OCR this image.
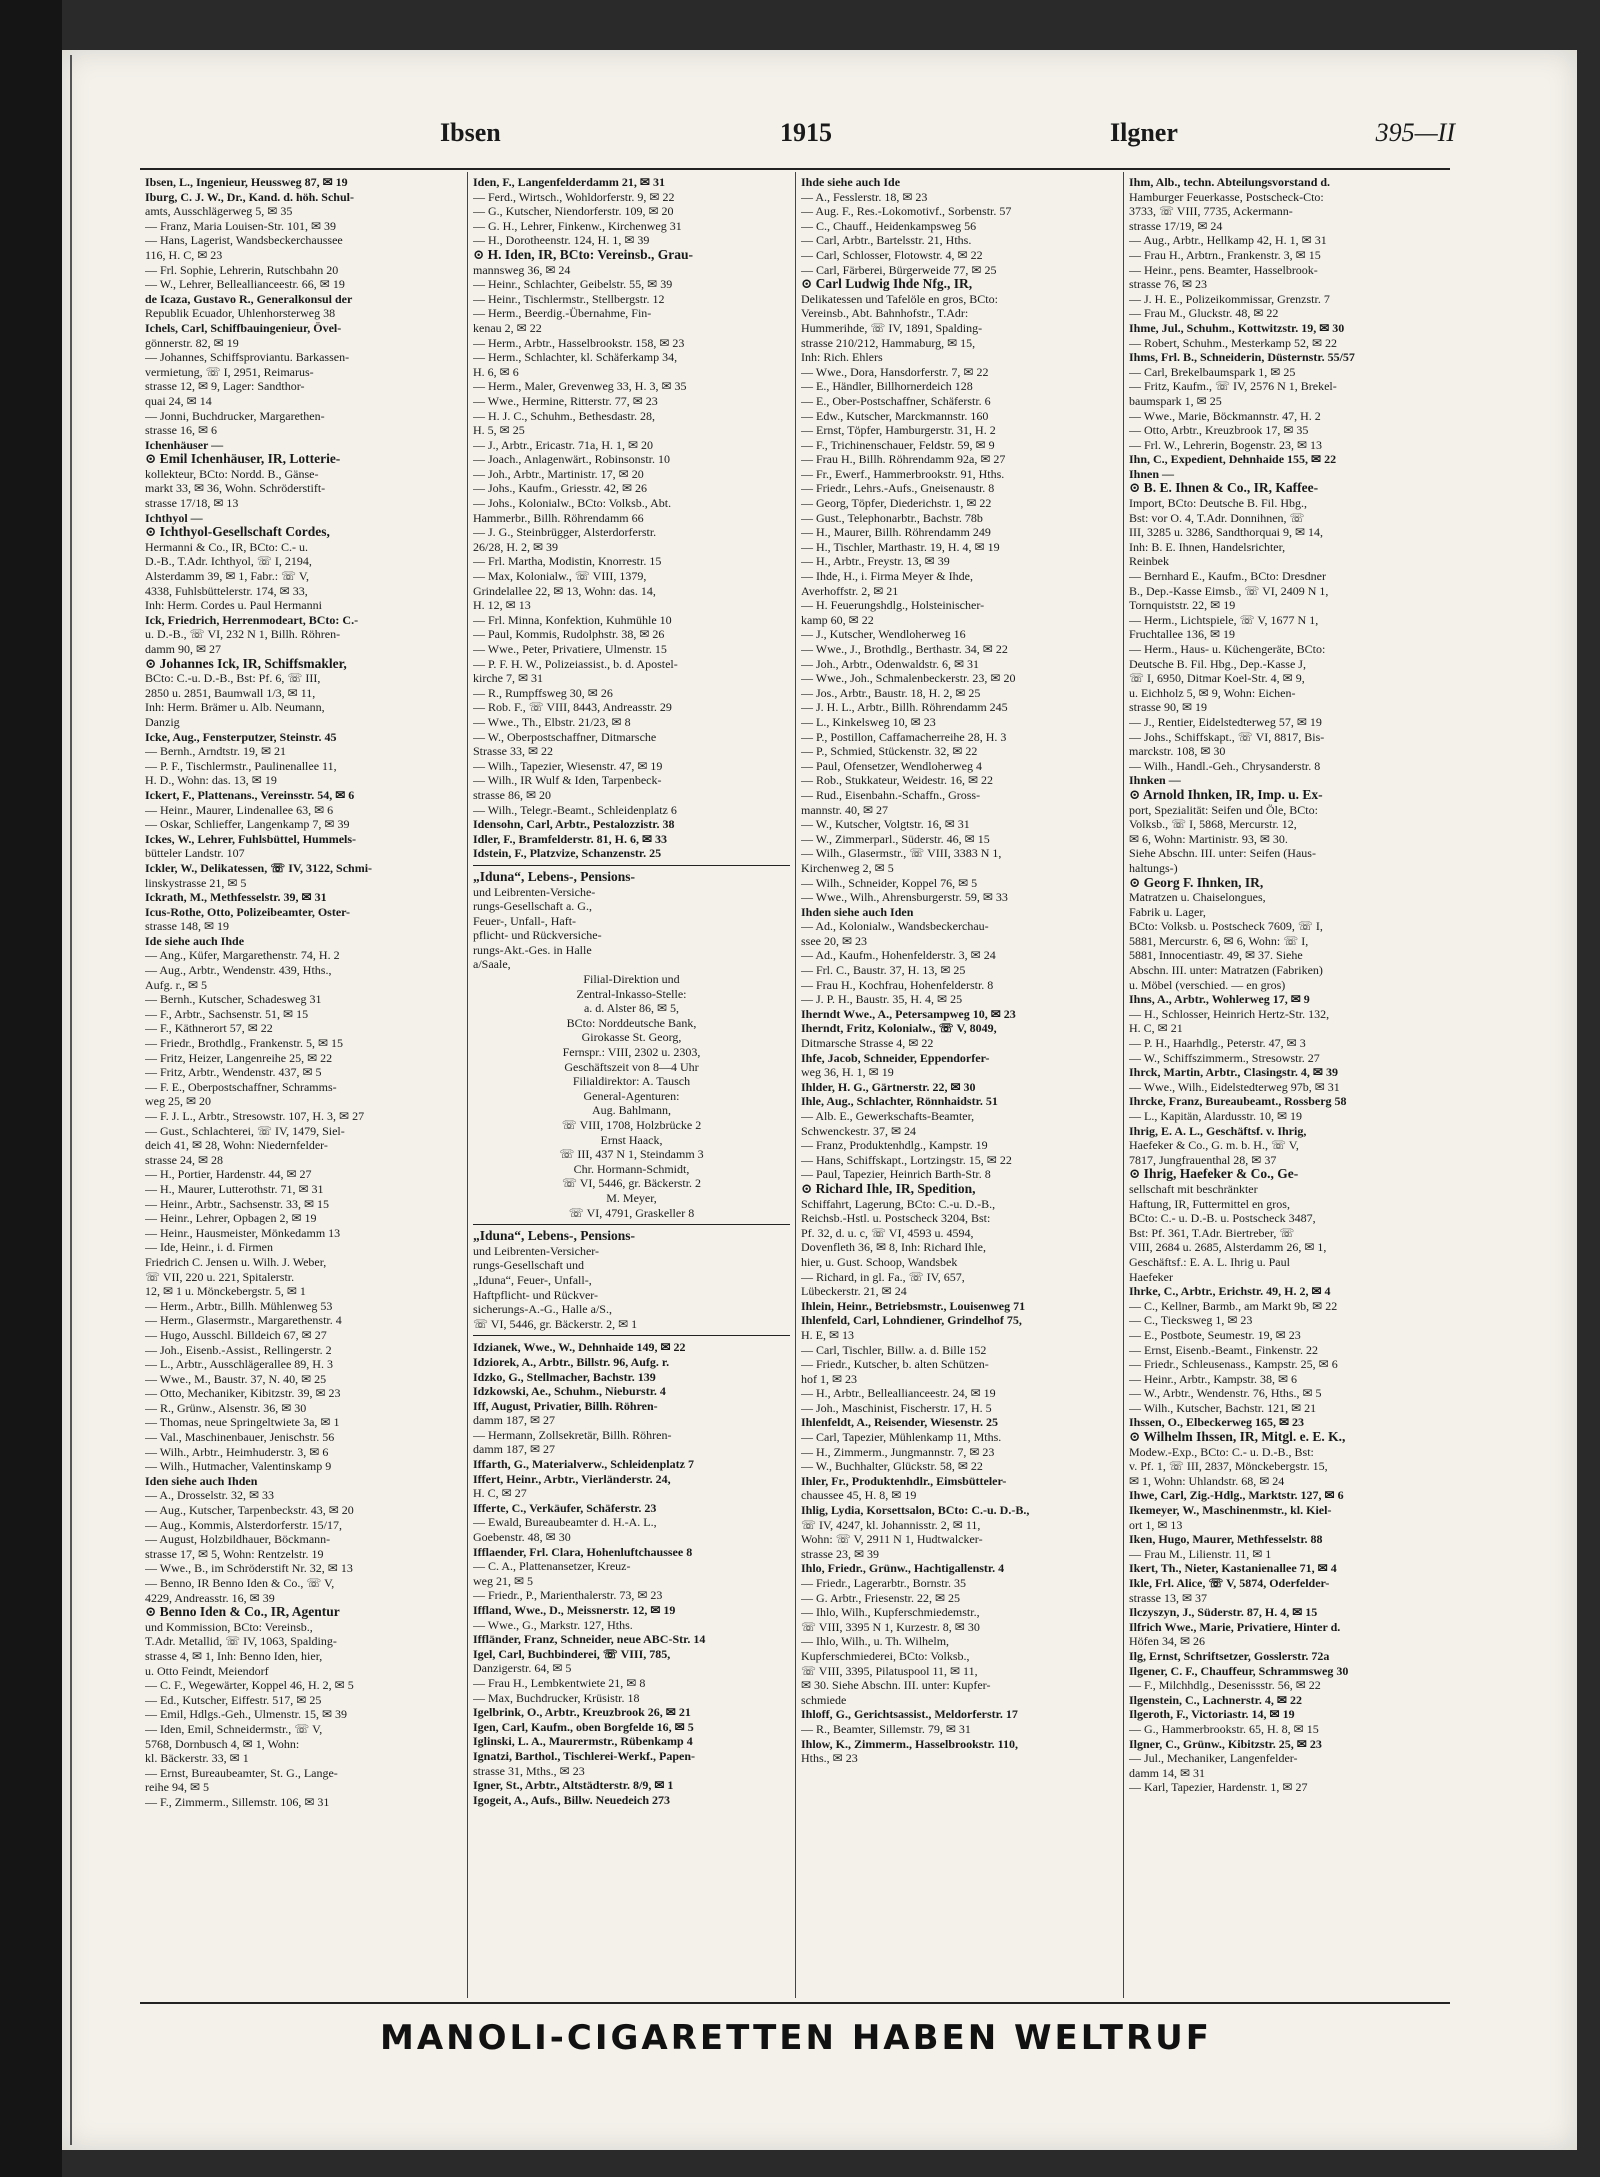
Ibsen	1915	Ilgner	395—II
Ibsen, L., Ingenieur, Heussweg 87, ✉ 19
Iburg, C. J. W., Dr., Kand. d. höh. Schul-
amts, Ausschlägerweg 5, ✉ 35
— Franz, Maria Louisen-Str. 101, ✉ 39
— Hans, Lagerist, Wandsbeckerchaussee
116, H. C, ✉ 23
— Frl. Sophie, Lehrerin, Rutschbahn 20
— W., Lehrer, Belleallianceestr. 66, ✉ 19
de Icaza, Gustavo R., Generalkonsul der
Republik Ecuador, Uhlenhorsterweg 38
Ichels, Carl, Schiffbauingenieur, Övel-
gönnerstr. 82, ✉ 19
— Johannes, Schiffsproviantu. Barkassen-
vermietung, ☏ I, 2951, Reimarus-
strasse 12, ✉ 9, Lager: Sandthor-
quai 24, ✉ 14
— Jonni, Buchdrucker, Margarethen-
strasse 16, ✉ 6
Ichenhäuser —
⊙ Emil Ichenhäuser, IR, Lotterie-
kollekteur, BCto: Nordd. B., Gänse-
markt 33, ✉ 36, Wohn. Schröderstift-
strasse 17/18, ✉ 13
Ichthyol —
⊙ Ichthyol-Gesellschaft Cordes,
Hermanni & Co., IR, BCto: C.- u.
D.-B., T.Adr. Ichthyol, ☏ I, 2194,
Alsterdamm 39, ✉ 1, Fabr.: ☏ V,
4338, Fuhlsbüttelerstr. 174, ✉ 33,
Inh: Herm. Cordes u. Paul Hermanni
Ick, Friedrich, Herrenmodeart, BCto: C.-
u. D.-B., ☏ VI, 232 N 1, Billh. Röhren-
damm 90, ✉ 27
⊙ Johannes Ick, IR, Schiffsmakler,
BCto: C.-u. D.-B., Bst: Pf. 6, ☏ III,
2850 u. 2851, Baumwall 1/3, ✉ 11,
Inh: Herm. Brämer u. Alb. Neumann,
Danzig
Icke, Aug., Fensterputzer, Steinstr. 45
— Bernh., Arndtstr. 19, ✉ 21
— P. F., Tischlermstr., Paulinenallee 11,
H. D., Wohn: das. 13, ✉ 19
Ickert, F., Plattenans., Vereinsstr. 54, ✉ 6
— Heinr., Maurer, Lindenallee 63, ✉ 6
— Oskar, Schlieffer, Langenkamp 7, ✉ 39
Ickes, W., Lehrer, Fuhlsbüttel, Hummels-
bütteler Landstr. 107
Ickler, W., Delikatessen, ☏ IV, 3122, Schmi-
linskystrasse 21, ✉ 5
Ickrath, M., Methfesselstr. 39, ✉ 31
Icus-Rothe, Otto, Polizeibeamter, Oster-
strasse 148, ✉ 19
Ide siehe auch Ihde
— Ang., Küfer, Margarethenstr. 74, H. 2
— Aug., Arbtr., Wendenstr. 439, Hths.,
Aufg. r., ✉ 5
— Bernh., Kutscher, Schadesweg 31
— F., Arbtr., Sachsenstr. 51, ✉ 15
— F., Käthnerort 57, ✉ 22
— Friedr., Brothdlg., Frankenstr. 5, ✉ 15
— Fritz, Heizer, Langenreihe 25, ✉ 22
— Fritz, Arbtr., Wendenstr. 437, ✉ 5
— F. E., Oberpostschaffner, Schramms-
weg 25, ✉ 20
— F. J. L., Arbtr., Stresowstr. 107, H. 3, ✉ 27
— Gust., Schlachterei, ☏ IV, 1479, Siel-
deich 41, ✉ 28, Wohn: Niedernfelder-
strasse 24, ✉ 28
— H., Portier, Hardenstr. 44, ✉ 27
— H., Maurer, Lutterothstr. 71, ✉ 31
— Heinr., Arbtr., Sachsenstr. 33, ✉ 15
— Heinr., Lehrer, Opbagen 2, ✉ 19
— Heinr., Hausmeister, Mönkedamm 13
— Ide, Heinr., i. d. Firmen
Friedrich C. Jensen u. Wilh. J. Weber,
☏ VII, 220 u. 221, Spitalerstr.
12, ✉ 1 u. Mönckebergstr. 5, ✉ 1
— Herm., Arbtr., Billh. Mühlenweg 53
— Herm., Glasermstr., Margarethenstr. 4
— Hugo, Ausschl. Billdeich 67, ✉ 27
— Joh., Eisenb.-Assist., Rellingerstr. 2
— L., Arbtr., Ausschlägerallee 89, H. 3
— Wwe., M., Baustr. 37, N. 40, ✉ 25
— Otto, Mechaniker, Kibitzstr. 39, ✉ 23
— R., Grünw., Alsenstr. 36, ✉ 30
— Thomas, neue Springeltwiete 3a, ✉ 1
— Val., Maschinenbauer, Jenischstr. 56
— Wilh., Arbtr., Heimhuderstr. 3, ✉ 6
— Wilh., Hutmacher, Valentinskamp 9
Iden siehe auch Ihden
— A., Drosselstr. 32, ✉ 33
— Aug., Kutscher, Tarpenbeckstr. 43, ✉ 20
— Aug., Kommis, Alsterdorferstr. 15/17,
— August, Holzbildhauer, Böckmann-
strasse 17, ✉ 5, Wohn: Rentzelstr. 19
— Wwe., B., im Schröderstift Nr. 32, ✉ 13
— Benno, IR Benno Iden & Co., ☏ V,
4229, Andreasstr. 16, ✉ 39
⊙ Benno Iden & Co., IR, Agentur
und Kommission, BCto: Vereinsb.,
T.Adr. Metallid, ☏ IV, 1063, Spalding-
strasse 4, ✉ 1, Inh: Benno Iden, hier,
u. Otto Feindt, Meiendorf
— C. F., Wegewärter, Koppel 46, H. 2, ✉ 5
— Ed., Kutscher, Eiffestr. 517, ✉ 25
— Emil, Hdlgs.-Geh., Ulmenstr. 15, ✉ 39
— Iden, Emil, Schneidermstr., ☏ V,
5768, Dornbusch 4, ✉ 1, Wohn:
kl. Bäckerstr. 33, ✉ 1
— Ernst, Bureaubeamter, St. G., Lange-
reihe 94, ✉ 5
— F., Zimmerm., Sillemstr. 106, ✉ 31
Iden, F., Langenfelderdamm 21, ✉ 31
— Ferd., Wirtsch., Wohldorferstr. 9, ✉ 22
— G., Kutscher, Niendorferstr. 109, ✉ 20
— G. H., Lehrer, Finkenw., Kirchenweg 31
— H., Dorotheenstr. 124, H. 1, ✉ 39
⊙ H. Iden, IR, BCto: Vereinsb., Grau-
mannsweg 36, ✉ 24
— Heinr., Schlachter, Geibelstr. 55, ✉ 39
— Heinr., Tischlermstr., Stellbergstr. 12
— Herm., Beerdig.-Übernahme, Fin-
kenau 2, ✉ 22
— Herm., Arbtr., Hasselbrookstr. 158, ✉ 23
— Herm., Schlachter, kl. Schäferkamp 34,
H. 6, ✉ 6
— Herm., Maler, Grevenweg 33, H. 3, ✉ 35
— Wwe., Hermine, Ritterstr. 77, ✉ 23
— H. J. C., Schuhm., Bethesdastr. 28,
H. 5, ✉ 25
— J., Arbtr., Ericastr. 71a, H. 1, ✉ 20
— Joach., Anlagenwärt., Robinsonstr. 10
— Joh., Arbtr., Martinistr. 17, ✉ 20
— Johs., Kaufm., Griesstr. 42, ✉ 26
— Johs., Kolonialw., BCto: Volksb., Abt.
Hammerbr., Billh. Röhrendamm 66
— J. G., Steinbrügger, Alsterdorferstr.
26/28, H. 2, ✉ 39
— Frl. Martha, Modistin, Knorrestr. 15
— Max, Kolonialw., ☏ VIII, 1379,
Grindelallee 22, ✉ 13, Wohn: das. 14,
H. 12, ✉ 13
— Frl. Minna, Konfektion, Kuhmühle 10
— Paul, Kommis, Rudolphstr. 38, ✉ 26
— Wwe., Peter, Privatiere, Ulmenstr. 15
— P. F. H. W., Polizeiassist., b. d. Apostel-
kirche 7, ✉ 31
— R., Rumpffsweg 30, ✉ 26
— Rob. F., ☏ VIII, 8443, Andreasstr. 29
— Wwe., Th., Elbstr. 21/23, ✉ 8
— W., Oberpostschaffner, Ditmarsche
Strasse 33, ✉ 22
— Wilh., Tapezier, Wiesenstr. 47, ✉ 19
— Wilh., IR Wulf & Iden, Tarpenbeck-
strasse 86, ✉ 20
— Wilh., Telegr.-Beamt., Schleidenplatz 6
Idensohn, Carl, Arbtr., Pestalozzistr. 38
Idler, F., Bramfelderstr. 81, H. 6, ✉ 33
Idstein, F., Platzvize, Schanzenstr. 25
„Iduna“, Lebens-, Pensions-
und Leibrenten-Versiche-
rungs-Gesellschaft a. G.,
Feuer-, Unfall-, Haft-
pflicht- und Rückversiche-
rungs-Akt.-Ges. in Halle
a/Saale,
Filial-Direktion und
Zentral-Inkasso-Stelle:
a. d. Alster 86, ✉ 5,
BCto: Norddeutsche Bank,
Girokasse St. Georg,
Fernspr.: VIII, 2302 u. 2303,
Geschäftszeit von 8—4 Uhr
Filialdirektor: A. Tausch
General-Agenturen:
Aug. Bahlmann,
☏ VIII, 1708, Holzbrücke 2
Ernst Haack,
☏ III, 437 N 1, Steindamm 3
Chr. Hormann-Schmidt,
☏ VI, 5446, gr. Bäckerstr. 2
M. Meyer,
☏ VI, 4791, Graskeller 8
„Iduna“, Lebens-, Pensions-
und Leibrenten-Versicher-
rungs-Gesellschaft und
„Iduna“, Feuer-, Unfall-,
Haftpflicht- und Rückver-
sicherungs-A.-G., Halle a/S.,
☏ VI, 5446, gr. Bäckerstr. 2, ✉ 1
Idzianek, Wwe., W., Dehnhaide 149, ✉ 22
Idziorek, A., Arbtr., Billstr. 96, Aufg. r.
Idzko, G., Stellmacher, Bachstr. 139
Idzkowski, Ae., Schuhm., Nieburstr. 4
Iff, August, Privatier, Billh. Röhren-
damm 187, ✉ 27
— Hermann, Zollsekretär, Billh. Röhren-
damm 187, ✉ 27
Iffarth, G., Materialverw., Schleidenplatz 7
Iffert, Heinr., Arbtr., Vierländerstr. 24,
H. C, ✉ 27
Ifferte, C., Verkäufer, Schäferstr. 23
— Ewald, Bureaubeamter d. H.-A. L.,
Goebenstr. 48, ✉ 30
Ifflaender, Frl. Clara, Hohenluftchaussee 8
— C. A., Plattenansetzer, Kreuz-
weg 21, ✉ 5
— Friedr., P., Marienthalerstr. 73, ✉ 23
Iffland, Wwe., D., Meissnerstr. 12, ✉ 19
— Wwe., G., Markstr. 127, Hths.
Iffländer, Franz, Schneider, neue ABC-Str. 14
Igel, Carl, Buchbinderei, ☏ VIII, 785,
Danzigerstr. 64, ✉ 5
— Frau H., Lembkentwiete 21, ✉ 8
— Max, Buchdrucker, Krüsistr. 18
Igelbrink, O., Arbtr., Kreuzbrook 26, ✉ 21
Igen, Carl, Kaufm., oben Borgfelde 16, ✉ 5
Iglinski, L. A., Maurermstr., Rübenkamp 4
Ignatzi, Barthol., Tischlerei-Werkf., Papen-
strasse 31, Mths., ✉ 23
Igner, St., Arbtr., Altstädterstr. 8/9, ✉ 1
Igogeit, A., Aufs., Billw. Neuedeich 273
Ihde siehe auch Ide
— A., Fesslerstr. 18, ✉ 23
— Aug. F., Res.-Lokomotivf., Sorbenstr. 57
— C., Chauff., Heidenkampsweg 56
— Carl, Arbtr., Bartelsstr. 21, Hths.
— Carl, Schlosser, Flotowstr. 4, ✉ 22
— Carl, Färberei, Bürgerweide 77, ✉ 25
⊙ Carl Ludwig Ihde Nfg., IR,
Delikatessen und Tafelöle en gros, BCto:
Vereinsb., Abt. Bahnhofstr., T.Adr:
Hummerihde, ☏ IV, 1891, Spalding-
strasse 210/212, Hammaburg, ✉ 15,
Inh: Rich. Ehlers
— Wwe., Dora, Hansdorferstr. 7, ✉ 22
— E., Händler, Billhornerdeich 128
— E., Ober-Postschaffner, Schäferstr. 6
— Edw., Kutscher, Marckmannstr. 160
— Ernst, Töpfer, Hamburgerstr. 31, H. 2
— F., Trichinenschauer, Feldstr. 59, ✉ 9
— Frau H., Billh. Röhrendamm 92a, ✉ 27
— Fr., Ewerf., Hammerbrookstr. 91, Hths.
— Friedr., Lehrs.-Aufs., Gneisenaustr. 8
— Georg, Töpfer, Diederichstr. 1, ✉ 22
— Gust., Telephonarbtr., Bachstr. 78b
— H., Maurer, Billh. Röhrendamm 249
— H., Tischler, Marthastr. 19, H. 4, ✉ 19
— H., Arbtr., Freystr. 13, ✉ 39
— Ihde, H., i. Firma Meyer & Ihde,
Averhoffstr. 2, ✉ 21
— H. Feuerungshdlg., Holsteinischer-
kamp 60, ✉ 22
— J., Kutscher, Wendloherweg 16
— Wwe., J., Brothdlg., Berthastr. 34, ✉ 22
— Joh., Arbtr., Odenwaldstr. 6, ✉ 31
— Wwe., Joh., Schmalenbeckerstr. 23, ✉ 20
— Jos., Arbtr., Baustr. 18, H. 2, ✉ 25
— J. H. L., Arbtr., Billh. Röhrendamm 245
— L., Kinkelsweg 10, ✉ 23
— P., Postillon, Caffamacherreihe 28, H. 3
— P., Schmied, Stückenstr. 32, ✉ 22
— Paul, Ofensetzer, Wendloherweg 4
— Rob., Stukkateur, Weidestr. 16, ✉ 22
— Rud., Eisenbahn.-Schaffn., Gross-
mannstr. 40, ✉ 27
— W., Kutscher, Volgtstr. 16, ✉ 31
— W., Zimmerparl., Süderstr. 46, ✉ 15
— Wilh., Glasermstr., ☏ VIII, 3383 N 1,
Kirchenweg 2, ✉ 5
— Wilh., Schneider, Koppel 76, ✉ 5
— Wwe., Wilh., Ahrensburgerstr. 59, ✉ 33
Ihden siehe auch Iden
— Ad., Kolonialw., Wandsbeckerchau-
ssee 20, ✉ 23
— Ad., Kaufm., Hohenfelderstr. 3, ✉ 24
— Frl. C., Baustr. 37, H. 13, ✉ 25
— Frau H., Kochfrau, Hohenfelderstr. 8
— J. P. H., Baustr. 35, H. 4, ✉ 25
Iherndt Wwe., A., Petersampweg 10, ✉ 23
Iherndt, Fritz, Kolonialw., ☏ V, 8049,
Ditmarsche Strasse 4, ✉ 22
Ihfe, Jacob, Schneider, Eppendorfer-
weg 36, H. 1, ✉ 19
Ihlder, H. G., Gärtnerstr. 22, ✉ 30
Ihle, Aug., Schlachter, Rönnhaidstr. 51
— Alb. E., Gewerkschafts-Beamter,
Schwenckestr. 37, ✉ 24
— Franz, Produktenhdlg., Kampstr. 19
— Hans, Schiffskapt., Lortzingstr. 15, ✉ 22
— Paul, Tapezier, Heinrich Barth-Str. 8
⊙ Richard Ihle, IR, Spedition,
Schiffahrt, Lagerung, BCto: C.-u. D.-B.,
Reichsb.-Hstl. u. Postscheck 3204, Bst:
Pf. 32, d. u. c, ☏ VI, 4593 u. 4594,
Dovenfleth 36, ✉ 8, Inh: Richard Ihle,
hier, u. Gust. Schoop, Wandsbek
— Richard, in gl. Fa., ☏ IV, 657,
Lübeckerstr. 21, ✉ 24
Ihlein, Heinr., Betriebsmstr., Louisenweg 71
Ihlenfeld, Carl, Lohndiener, Grindelhof 75,
H. E, ✉ 13
— Carl, Tischler, Billw. a. d. Bille 152
— Friedr., Kutscher, b. alten Schützen-
hof 1, ✉ 23
— H., Arbtr., Belleallianceestr. 24, ✉ 19
— Joh., Maschinist, Fischerstr. 17, H. 5
Ihlenfeldt, A., Reisender, Wiesenstr. 25
— Carl, Tapezier, Mühlenkamp 11, Mths.
— H., Zimmerm., Jungmannstr. 7, ✉ 23
— W., Buchhalter, Glückstr. 58, ✉ 22
Ihler, Fr., Produktenhdlr., Eimsbütteler-
chaussee 45, H. 8, ✉ 19
Ihlig, Lydia, Korsettsalon, BCto: C.-u. D.-B.,
☏ IV, 4247, kl. Johannisstr. 2, ✉ 11,
Wohn: ☏ V, 2911 N 1, Hudtwalcker-
strasse 23, ✉ 39
Ihlo, Friedr., Grünw., Hachtigallenstr. 4
— Friedr., Lagerarbtr., Bornstr. 35
— G. Arbtr., Friesenstr. 22, ✉ 25
— Ihlo, Wilh., Kupferschmiedemstr.,
☏ VIII, 3395 N 1, Kurzestr. 8, ✉ 30
— Ihlo, Wilh., u. Th. Wilhelm,
Kupferschmiederei, BCto: Volksb.,
☏ VIII, 3395, Pilatuspool 11, ✉ 11,
✉ 30. Siehe Abschn. III. unter: Kupfer-
schmiede
Ihloff, G., Gerichtsassist., Meldorferstr. 17
— R., Beamter, Sillemstr. 79, ✉ 31
Ihlow, K., Zimmerm., Hasselbrookstr. 110,
Hths., ✉ 23
Ihm, Alb., techn. Abteilungsvorstand d.
Hamburger Feuerkasse, Postscheck-Cto:
3733, ☏ VIII, 7735, Ackermann-
strasse 17/19, ✉ 24
— Aug., Arbtr., Hellkamp 42, H. 1, ✉ 31
— Frau H., Arbtrn., Frankenstr. 3, ✉ 15
— Heinr., pens. Beamter, Hasselbrook-
strasse 76, ✉ 23
— J. H. E., Polizeikommissar, Grenzstr. 7
— Frau M., Gluckstr. 48, ✉ 22
Ihme, Jul., Schuhm., Kottwitzstr. 19, ✉ 30
— Robert, Schuhm., Mesterkamp 52, ✉ 22
Ihms, Frl. B., Schneiderin, Düsternstr. 55/57
— Carl, Brekelbaumspark 1, ✉ 25
— Fritz, Kaufm., ☏ IV, 2576 N 1, Brekel-
baumspark 1, ✉ 25
— Wwe., Marie, Böckmannstr. 47, H. 2
— Otto, Arbtr., Kreuzbrook 17, ✉ 35
— Frl. W., Lehrerin, Bogenstr. 23, ✉ 13
Ihn, C., Expedient, Dehnhaide 155, ✉ 22
Ihnen —
⊙ B. E. Ihnen & Co., IR, Kaffee-
Import, BCto: Deutsche B. Fil. Hbg.,
Bst: vor O. 4, T.Adr. Donnihnen, ☏
III, 3285 u. 3286, Sandthorquai 9, ✉ 14,
Inh: B. E. Ihnen, Handelsrichter,
Reinbek
— Bernhard E., Kaufm., BCto: Dresdner
B., Dep.-Kasse Eimsb., ☏ VI, 2409 N 1,
Tornquiststr. 22, ✉ 19
— Herm., Lichtspiele, ☏ V, 1677 N 1,
Fruchtallee 136, ✉ 19
— Herm., Haus- u. Küchengeräte, BCto:
Deutsche B. Fil. Hbg., Dep.-Kasse J,
☏ I, 6950, Ditmar Koel-Str. 4, ✉ 9,
u. Eichholz 5, ✉ 9, Wohn: Eichen-
strasse 90, ✉ 19
— J., Rentier, Eidelstedterweg 57, ✉ 19
— Johs., Schiffskapt., ☏ VI, 8817, Bis-
marckstr. 108, ✉ 30
— Wilh., Handl.-Geh., Chrysanderstr. 8
Ihnken —
⊙ Arnold Ihnken, IR, Imp. u. Ex-
port, Spezialität: Seifen und Öle, BCto:
Volksb., ☏ I, 5868, Mercurstr. 12,
✉ 6, Wohn: Martinistr. 93, ✉ 30.
Siehe Abschn. III. unter: Seifen (Haus-
haltungs-)
⊙ Georg F. Ihnken, IR,
Matratzen u. Chaiselongues,
Fabrik u. Lager,
BCto: Volksb. u. Postscheck 7609, ☏ I,
5881, Mercurstr. 6, ✉ 6, Wohn: ☏ I,
5881, Innocentiastr. 49, ✉ 37. Siehe
Abschn. III. unter: Matratzen (Fabriken)
u. Möbel (verschied. — en gros)
Ihns, A., Arbtr., Wohlerweg 17, ✉ 9
— H., Schlosser, Heinrich Hertz-Str. 132,
H. C, ✉ 21
— P. H., Haarhdlg., Peterstr. 47, ✉ 3
— W., Schiffszimmerm., Stresowstr. 27
Ihrck, Martin, Arbtr., Clasingstr. 4, ✉ 39
— Wwe., Wilh., Eidelstedterweg 97b, ✉ 31
Ihrcke, Franz, Bureaubeamt., Rossberg 58
— L., Kapitän, Alardusstr. 10, ✉ 19
Ihrig, E. A. L., Geschäftsf. v. Ihrig,
Haefeker & Co., G. m. b. H., ☏ V,
7817, Jungfrauenthal 28, ✉ 37
⊙ Ihrig, Haefeker & Co., Ge-
sellschaft mit beschränkter
Haftung, IR, Futtermittel en gros,
BCto: C.- u. D.-B. u. Postscheck 3487,
Bst: Pf. 361, T.Adr. Biertreber, ☏
VIII, 2684 u. 2685, Alsterdamm 26, ✉ 1,
Geschäftsf.: E. A. L. Ihrig u. Paul
Haefeker
Ihrke, C., Arbtr., Erichstr. 49, H. 2, ✉ 4
— C., Kellner, Barmb., am Markt 9b, ✉ 22
— C., Tiecksweg 1, ✉ 23
— E., Postbote, Seumestr. 19, ✉ 23
— Ernst, Eisenb.-Beamt., Finkenstr. 22
— Friedr., Schleusenass., Kampstr. 25, ✉ 6
— Heinr., Arbtr., Kampstr. 38, ✉ 6
— W., Arbtr., Wendenstr. 76, Hths., ✉ 5
— Wilh., Kutscher, Bachstr. 121, ✉ 21
Ihssen, O., Elbeckerweg 165, ✉ 23
⊙ Wilhelm Ihssen, IR, Mitgl. e. E. K.,
Modew.-Exp., BCto: C.- u. D.-B., Bst:
v. Pf. 1, ☏ III, 2837, Mönckebergstr. 15,
✉ 1, Wohn: Uhlandstr. 68, ✉ 24
Ihwe, Carl, Zig.-Hdlg., Marktstr. 127, ✉ 6
Ikemeyer, W., Maschinenmstr., kl. Kiel-
ort 1, ✉ 13
Iken, Hugo, Maurer, Methfesselstr. 88
— Frau M., Lilienstr. 11, ✉ 1
Ikert, Th., Nieter, Kastanienallee 71, ✉ 4
Ikle, Frl. Alice, ☏ V, 5874, Oderfelder-
strasse 13, ✉ 37
Ilczyszyn, J., Süderstr. 87, H. 4, ✉ 15
Ilfrich Wwe., Marie, Privatiere, Hinter d.
Höfen 34, ✉ 26
Ilg, Ernst, Schriftsetzer, Gosslerstr. 72a
Ilgener, C. F., Chauffeur, Schrammsweg 30
— F., Milchhdlg., Desenissstr. 56, ✉ 22
Ilgenstein, C., Lachnerstr. 4, ✉ 22
Ilgeroth, F., Victoriastr. 14, ✉ 19
— G., Hammerbrookstr. 65, H. 8, ✉ 15
Ilgner, C., Grünw., Kibitzstr. 25, ✉ 23
— Jul., Mechaniker, Langenfelder-
damm 14, ✉ 31
— Karl, Tapezier, Hardenstr. 1, ✉ 27
MANOLI-CIGARETTEN HABEN WELTRUF
